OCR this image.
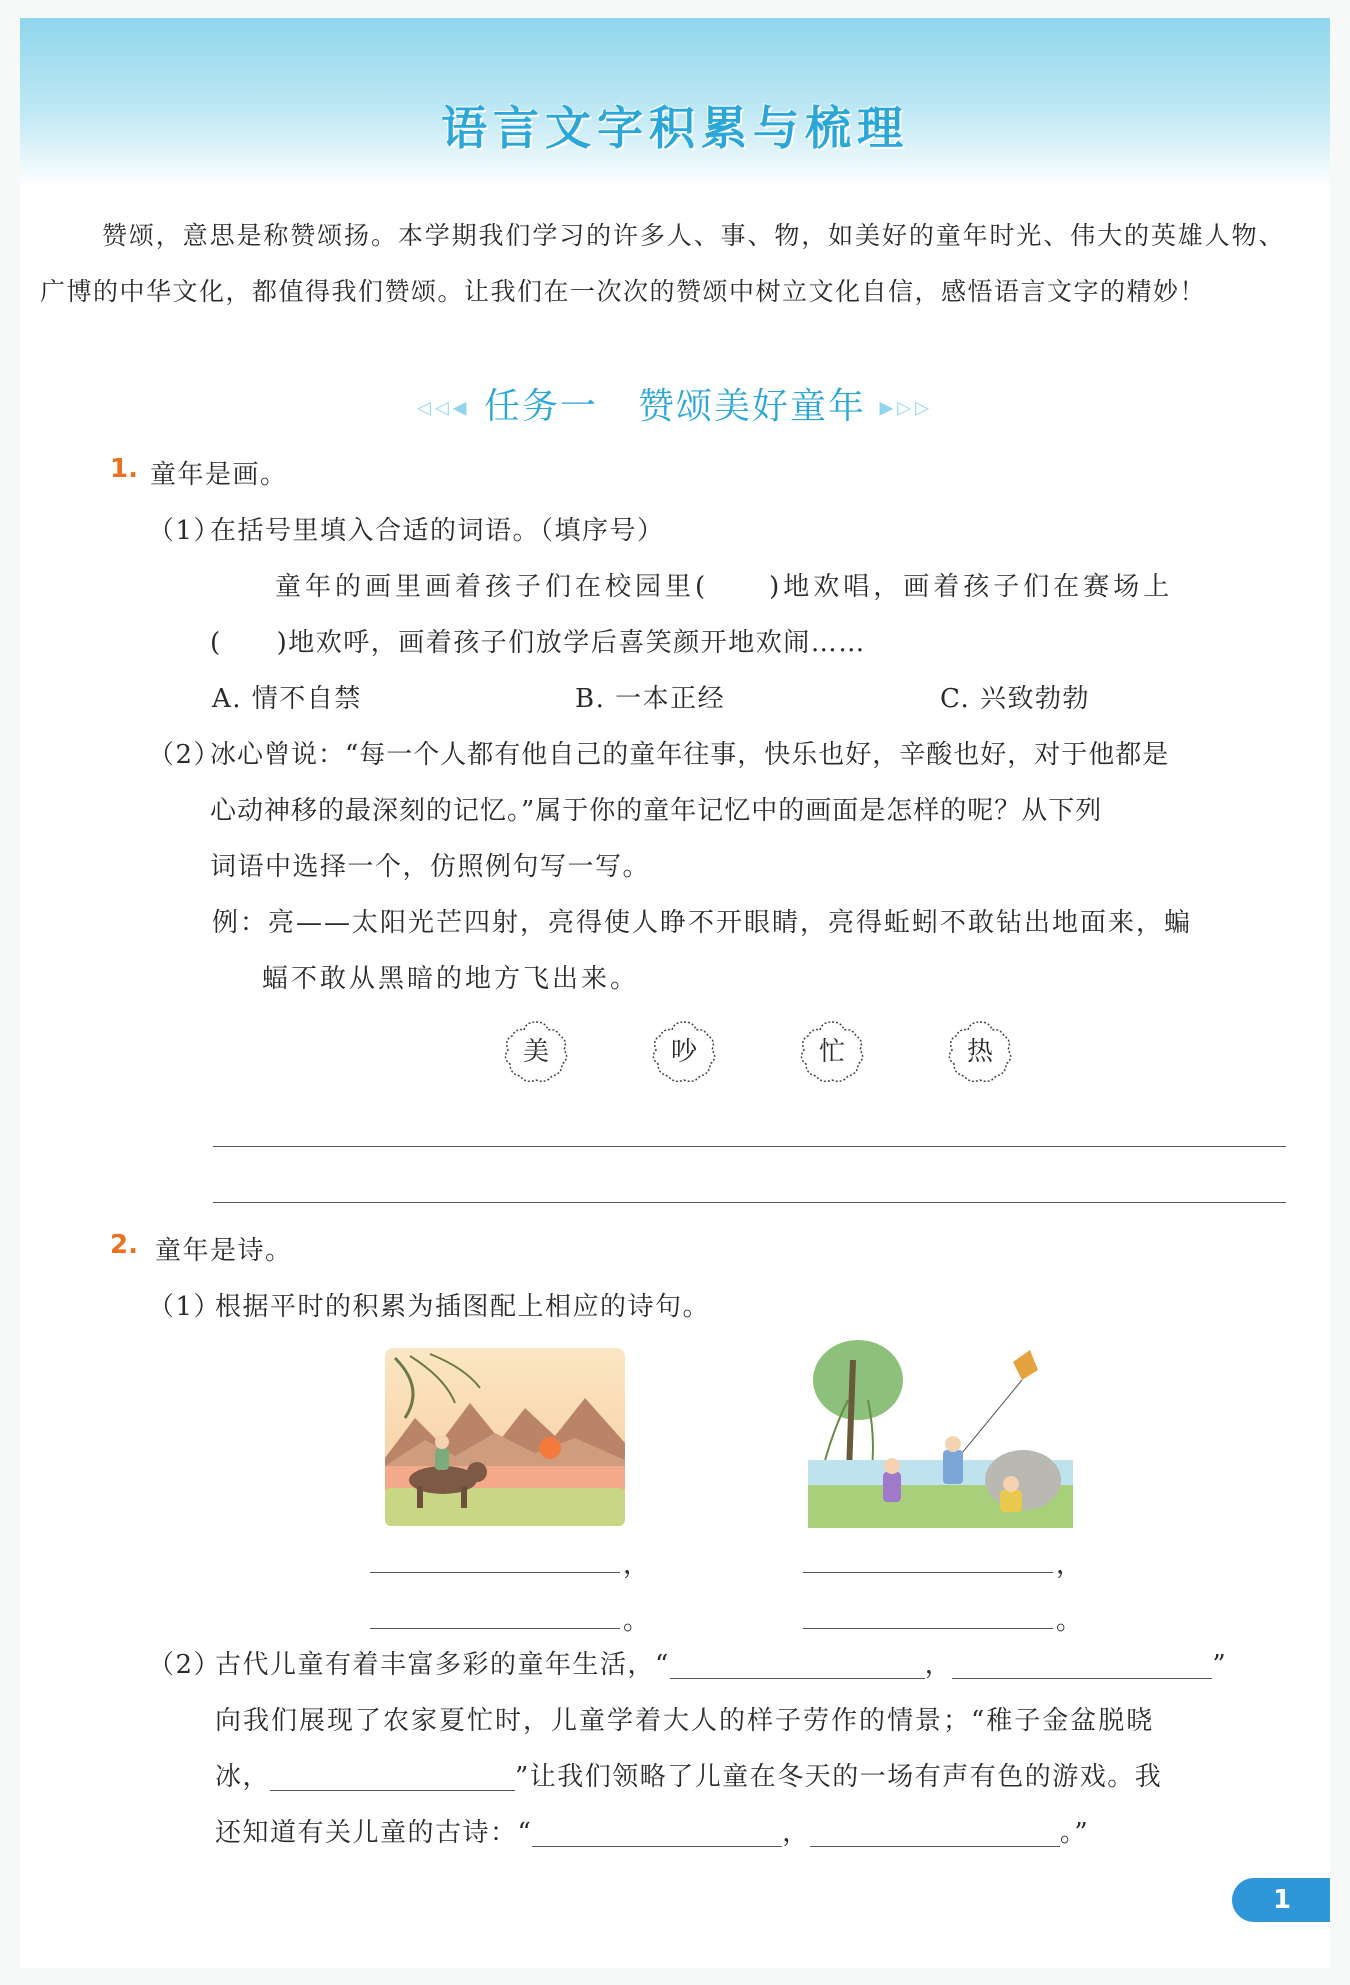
语言文字积累与梳理
赞颂，意思是称赞颂扬。本学期我们学习的许多人、事、物，如美好的童年时光、伟大的英雄人物、广博的中华文化，都值得我们赞颂。让我们在一次次的赞颂中树立文化自信，感悟语言文字的精妙！
◁◁◀ 任务一 赞颂美好童年 ▶▷▷
1. 童年是画。
（1）
在括号里填入合适的词语。（填序号）
童年的画里画着孩子们在校园里(　　)地欢唱，画着孩子们在赛场上
(　　)地欢呼，画着孩子们放学后喜笑颜开地欢闹……
A. 情不自禁	B. 一本正经	C. 兴致勃勃
（2）
冰心曾说：“每一个人都有他自己的童年往事，快乐也好，辛酸也好，对于他都是
心动神移的最深刻的记忆。”属于你的童年记忆中的画面是怎样的呢？从下列
词语中选择一个，仿照例句写一写。
例：亮——太阳光芒四射，亮得使人睁不开眼睛，亮得蚯蚓不敢钻出地面来，蝙
蝠不敢从黑暗的地方飞出来。
美	吵	忙	热
2. 童年是诗。
（1）
根据平时的积累为插图配上相应的诗句。
，	，
。	。
（2）
古代儿童有着丰富多彩的童年生活，“	，	”
向我们展现了农家夏忙时，儿童学着大人的样子劳作的情景；“稚子金盆脱晓
冰，	”让我们领略了儿童在冬天的一场有声有色的游戏。我
还知道有关儿童的古诗：“	，	。”
1
